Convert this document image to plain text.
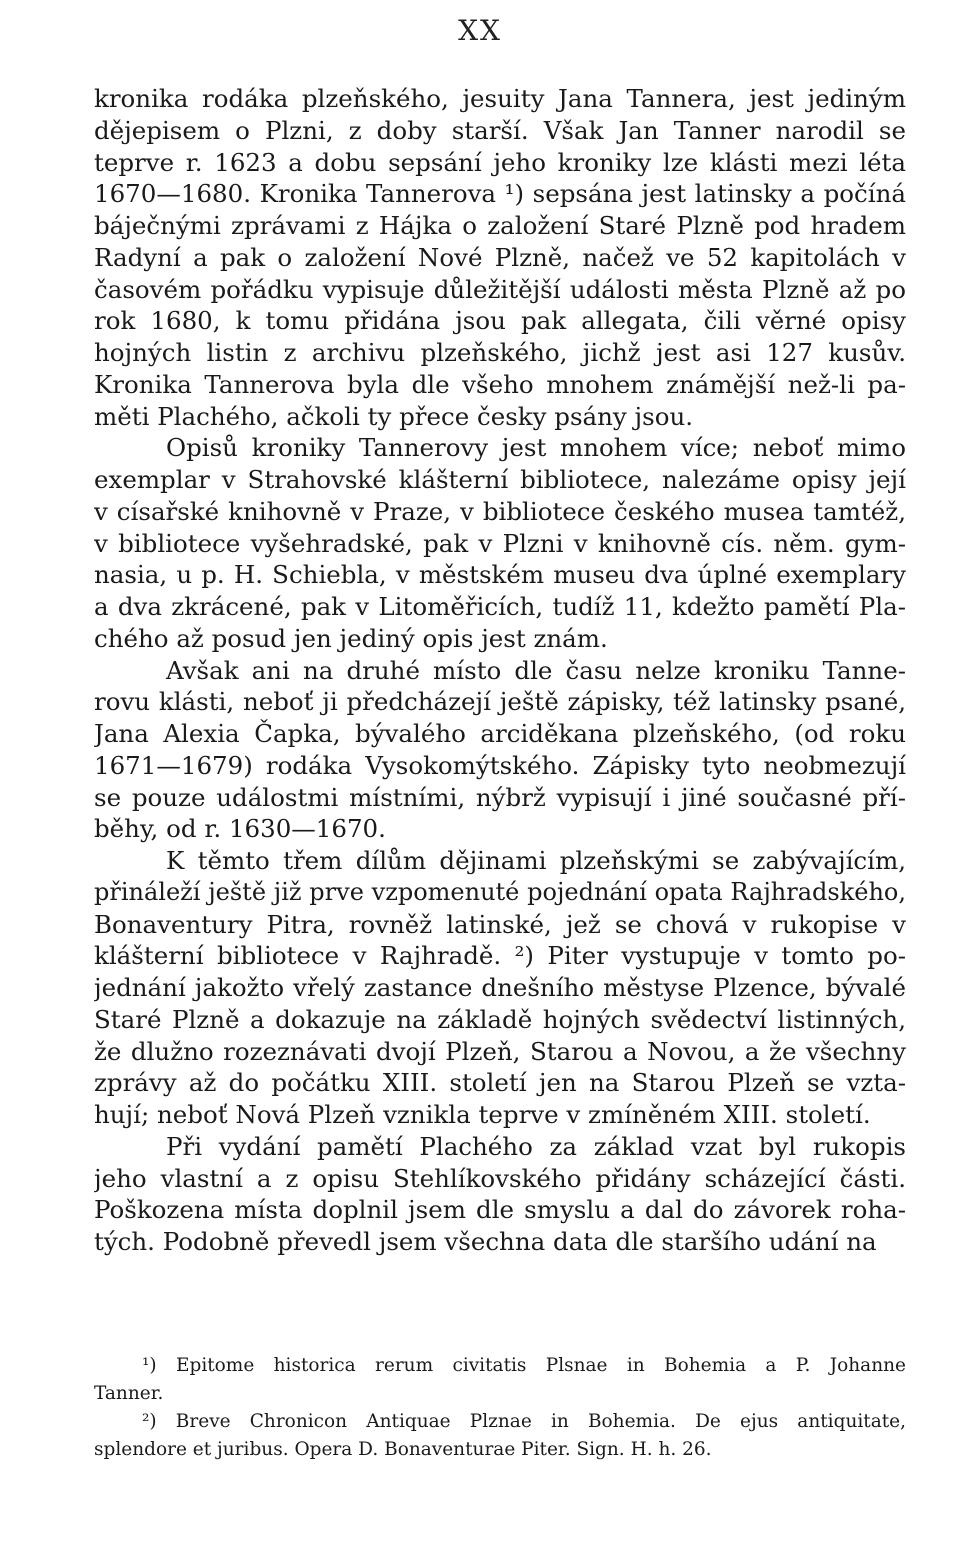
XX
kronika rodáka plzeňského, jesuity Jana Tannera, jest jediným
dějepisem o Plzni, z doby starší. Však Jan Tanner narodil se
teprve r. 1623 a dobu sepsání jeho kroniky lze klásti mezi léta
1670—1680. Kronika Tannerova ¹) sepsána jest latinsky a počíná
báječnými zprávami z Hájka o založení Staré Plzně pod hradem
Radyní a pak o založení Nové Plzně, načež ve 52 kapitolách v
časovém pořádku vypisuje důležitější události města Plzně až po
rok 1680, k tomu přidána jsou pak allegata, čili věrné opisy
hojných listin z archivu plzeňského, jichž jest asi 127 kusův.
Kronika Tannerova byla dle všeho mnohem známější než-li pa-
měti Plachého, ačkoli ty přece česky psány jsou.
Opisů kroniky Tannerovy jest mnohem více; neboť mimo
exemplar v Strahovské klášterní bibliotece, nalezáme opisy její
v císařské knihovně v Praze, v bibliotece českého musea tamtéž,
v bibliotece vyšehradské, pak v Plzni v knihovně cís. něm. gym-
nasia, u p. H. Schiebla, v městském museu dva úplné exemplary
a dva zkrácené, pak v Litoměřicích, tudíž 11, kdežto pamětí Pla-
chého až posud jen jediný opis jest znám.
Avšak ani na druhé místo dle času nelze kroniku Tanne-
rovu klásti, neboť ji předcházejí ještě zápisky, též latinsky psané,
Jana Alexia Čapka, bývalého arciděkana plzeňského, (od roku
1671—1679) rodáka Vysokomýtského. Zápisky tyto neobmezují
se pouze událostmi místními, nýbrž vypisují i jiné současné pří-
běhy, od r. 1630—1670.
K těmto třem dílům dějinami plzeňskými se zabývajícím,
přináleží ještě již prve vzpomenuté pojednání opata Rajhradského,
Bonaventury Pitra, rovněž latinské, jež se chová v rukopise v
klášterní bibliotece v Rajhradě. ²) Piter vystupuje v tomto po-
jednání jakožto vřelý zastance dnešního městyse Plzence, bývalé
Staré Plzně a dokazuje na základě hojných svědectví listinných,
že dlužno rozeznávati dvojí Plzeň, Starou a Novou, a že všechny
zprávy až do počátku XIII. století jen na Starou Plzeň se vzta-
hují; neboť Nová Plzeň vznikla teprve v zmíněném XIII. století.
Při vydání pamětí Plachého za základ vzat byl rukopis
jeho vlastní a z opisu Stehlíkovského přidány scházející části.
Poškozena místa doplnil jsem dle smyslu a dal do závorek roha-
tých. Podobně převedl jsem všechna data dle staršího udání na
¹) Epitome historica rerum civitatis Plsnae in Bohemia a P. Johanne
Tanner.
²) Breve Chronicon Antiquae Plznae in Bohemia. De ejus antiquitate,
splendore et juribus. Opera D. Bonaventurae Piter. Sign. H. h. 26.
